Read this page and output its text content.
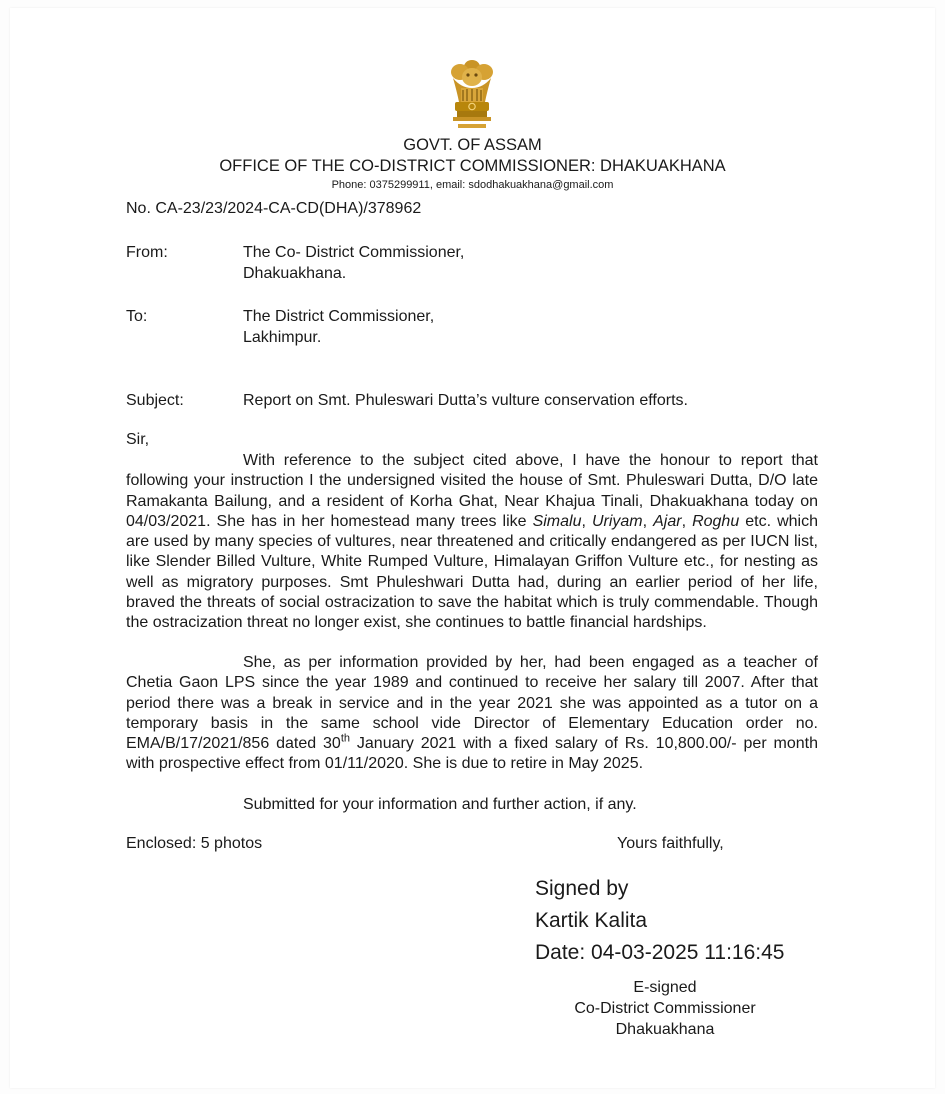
GOVT. OF ASSAM
OFFICE OF THE CO-DISTRICT COMMISSIONER: DHAKUAKHANA
Phone: 0375299911, email: sdodhakuakhana@gmail.com
No. CA-23/23/2024-CA-CD(DHA)/378962
From:	The Co- District Commissioner,
Dhakuakhana.
To:	The District Commissioner,
Lakhimpur.
Subject:	Report on Smt. Phuleswari Dutta’s vulture conservation efforts.
Sir,

With reference to the subject cited above, I have the honour to report that following your instruction I the undersigned visited the house of Smt. Phuleswari Dutta, D/O late Ramakanta Bailung, and a resident of Korha Ghat, Near Khajua Tinali, Dhakuakhana today on 04/03/2021. She has in her homestead many trees like Simalu, Uriyam, Ajar, Roghu etc. which are used by many species of vultures, near threatened and critically endangered as per IUCN list, like Slender Billed Vulture, White Rumped Vulture, Himalayan Griffon Vulture etc., for nesting as well as migratory purposes. Smt Phuleshwari Dutta had, during an earlier period of her life, braved the threats of social ostracization to save the habitat which is truly commendable. Though the ostracization threat no longer exist, she continues to battle financial hardships.

She, as per information provided by her, had been engaged as a teacher of Chetia Gaon LPS since the year 1989 and continued to receive her salary till 2007. After that period there was a break in service and in the year 2021 she was appointed as a tutor on a temporary basis in the same school vide Director of Elementary Education order no. EMA/B/17/2021/856 dated 30th January 2021 with a fixed salary of Rs. 10,800.00/- per month with prospective effect from 01/11/2020. She is due to retire in May 2025.

Submitted for your information and further action, if any.
Enclosed: 5 photos	Yours faithfully,
Signed by
Kartik Kalita
Date: 04-03-2025 11:16:45
E-signed
Co-District Commissioner
Dhakuakhana
